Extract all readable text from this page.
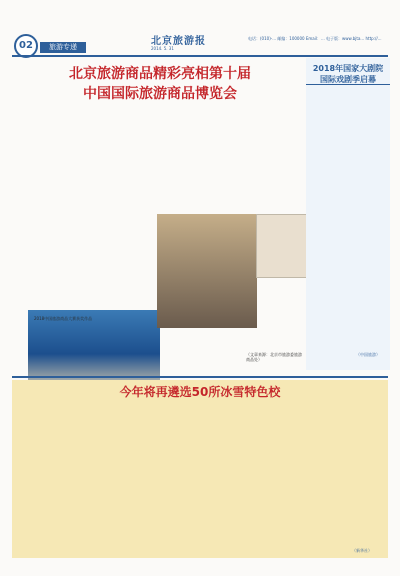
02	旅游专递	北京旅游报
2014. 5. 31
电话：(010)-... 邮编：100000 Email：... 电子版：www.bjta... http://...
北京旅游商品精彩亮相第十届
中国国际旅游商品博览会
2018中国旅游商品大赛获奖作品
（文章来源：北京市旅游委旅游商品处）
2018年国家大剧院
国际戏剧季启幕
（中国旅游）
今年将再遴选50所冰雪特色校
（新华社）
